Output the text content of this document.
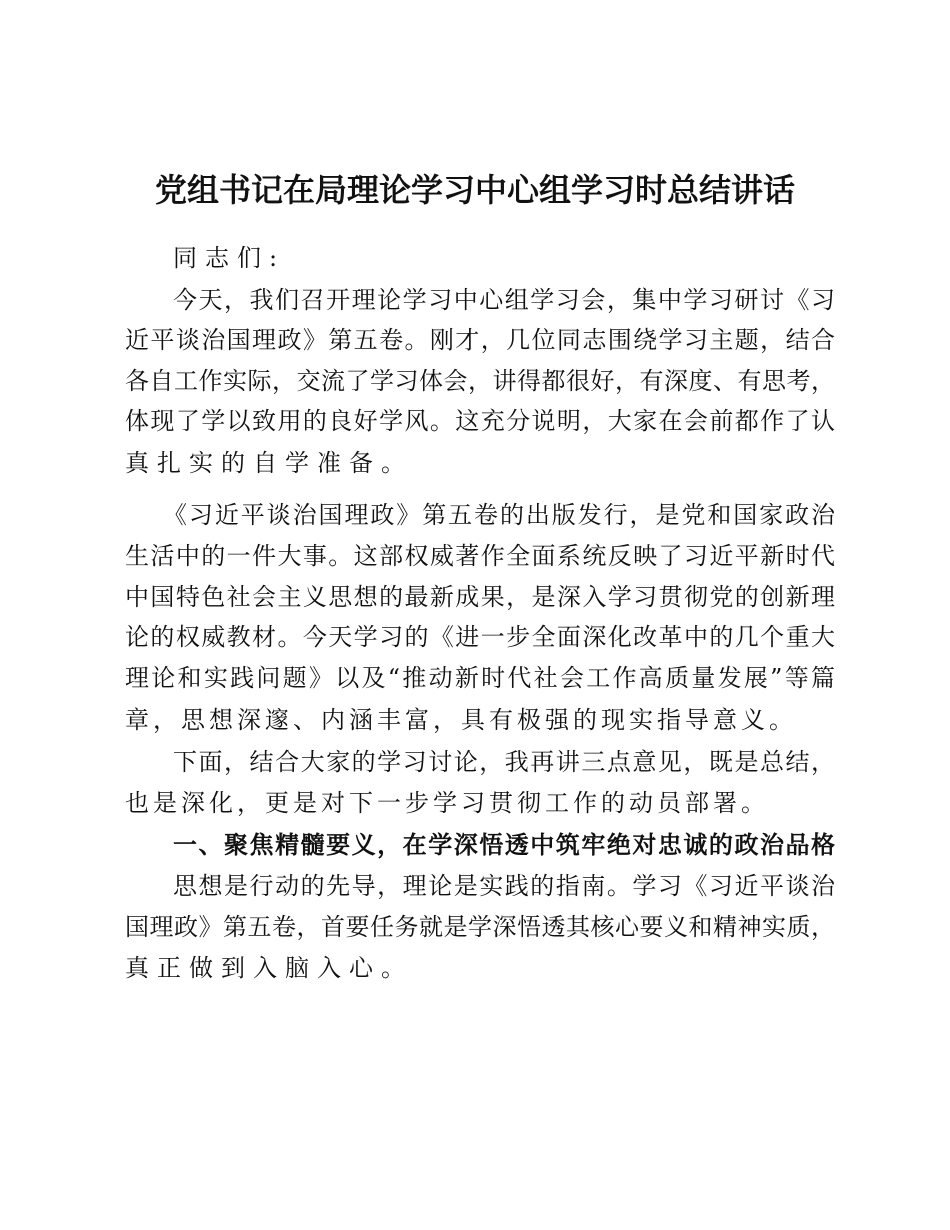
党组书记在局理论学习中心组学习时总结讲话
同志们:
今天，我们召开理论学习中心组学习会，集中学习研讨《习
近平谈治国理政》第五卷。刚才，几位同志围绕学习主题，结合
各自工作实际，交流了学习体会，讲得都很好，有深度、有思考，
体现了学以致用的良好学风。这充分说明，大家在会前都作了认
真扎实的自学准备。
《习近平谈治国理政》第五卷的出版发行，是党和国家政治
生活中的一件大事。这部权威著作全面系统反映了习近平新时代
中国特色社会主义思想的最新成果，是深入学习贯彻党的创新理
论的权威教材。今天学习的《进一步全面深化改革中的几个重大
理论和实践问题》以及“推动新时代社会工作高质量发展”等篇
章，思想深邃、内涵丰富，具有极强的现实指导意义。
下面，结合大家的学习讨论，我再讲三点意见，既是总结，
也是深化，更是对下一步学习贯彻工作的动员部署。
一、聚焦精髓要义，在学深悟透中筑牢绝对忠诚的政治品格
思想是行动的先导，理论是实践的指南。学习《习近平谈治
国理政》第五卷，首要任务就是学深悟透其核心要义和精神实质，
真正做到入脑入心。
